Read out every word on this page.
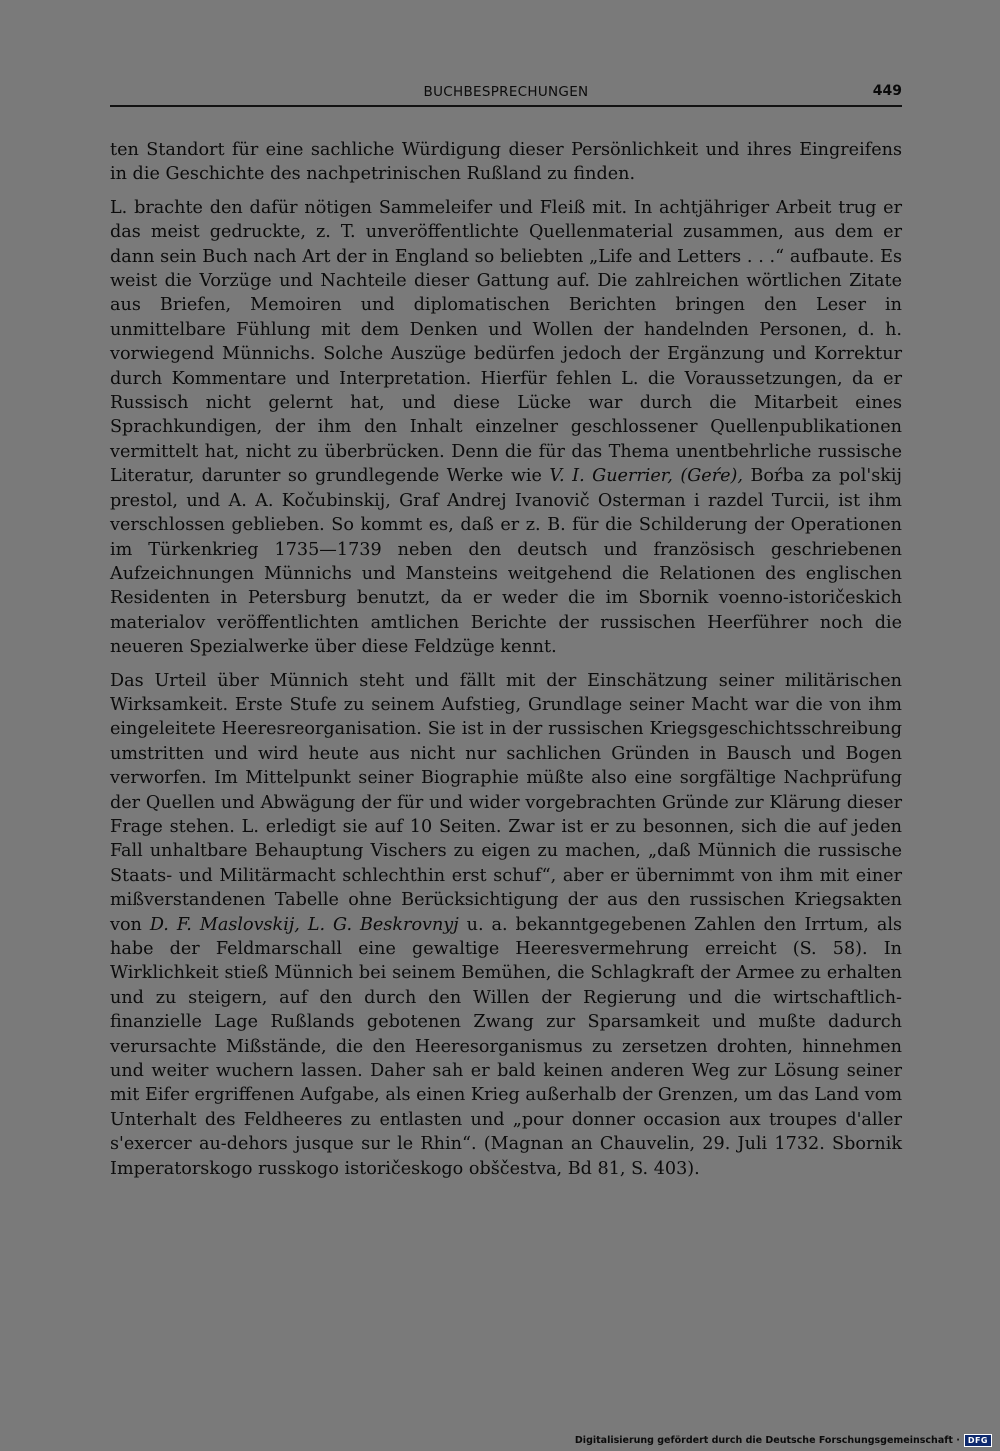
BUCHBESPRECHUNGEN	449

ten Standort für eine sachliche Würdigung dieser Persönlichkeit und ihres Eingreifens in die Geschichte des nachpetrinischen Rußland zu finden.

L. brachte den dafür nötigen Sammeleifer und Fleiß mit. In achtjähriger Arbeit trug er das meist gedruckte, z. T. unveröffentlichte Quellenmaterial zusammen, aus dem er dann sein Buch nach Art der in England so beliebten „Life and Letters . . .“ aufbaute. Es weist die Vorzüge und Nachteile dieser Gattung auf. Die zahlreichen wörtlichen Zitate aus Briefen, Memoiren und diplomatischen Berichten bringen den Leser in unmittelbare Fühlung mit dem Denken und Wollen der handelnden Personen, d. h. vorwiegend Münnichs. Solche Auszüge bedürfen jedoch der Ergänzung und Korrektur durch Kommentare und Interpretation. Hierfür fehlen L. die Voraussetzungen, da er Russisch nicht gelernt hat, und diese Lücke war durch die Mitarbeit eines Sprachkundigen, der ihm den Inhalt einzelner geschlossener Quellenpublikationen vermittelt hat, nicht zu überbrücken. Denn die für das Thema unentbehrliche russische Literatur, darunter so grundlegende Werke wie V. I. Guerrier, (Geŕe), Boŕba za pol'skij prestol, und A. A. Kočubinskij, Graf Andrej Ivanovič Osterman i razdel Turcii, ist ihm verschlossen geblieben. So kommt es, daß er z. B. für die Schilderung der Operationen im Türkenkrieg 1735—1739 neben den deutsch und französisch geschriebenen Aufzeichnungen Münnichs und Mansteins weitgehend die Relationen des englischen Residenten in Petersburg benutzt, da er weder die im Sbornik voenno-istoričeskich materialov veröffentlichten amtlichen Berichte der russischen Heerführer noch die neueren Spezialwerke über diese Feldzüge kennt.

Das Urteil über Münnich steht und fällt mit der Einschätzung seiner militärischen Wirksamkeit. Erste Stufe zu seinem Aufstieg, Grundlage seiner Macht war die von ihm eingeleitete Heeresreorganisation. Sie ist in der russischen Kriegsgeschichtsschreibung umstritten und wird heute aus nicht nur sachlichen Gründen in Bausch und Bogen verworfen. Im Mittelpunkt seiner Biographie müßte also eine sorgfältige Nachprüfung der Quellen und Abwägung der für und wider vorgebrachten Gründe zur Klärung dieser Frage stehen. L. erledigt sie auf 10 Seiten. Zwar ist er zu besonnen, sich die auf jeden Fall unhaltbare Behauptung Vischers zu eigen zu machen, „daß Münnich die russische Staats- und Militärmacht schlechthin erst schuf“, aber er übernimmt von ihm mit einer mißverstandenen Tabelle ohne Berücksichtigung der aus den russischen Kriegsakten von D. F. Maslovskij, L. G. Beskrovnyj u. a. bekanntgegebenen Zahlen den Irrtum, als habe der Feldmarschall eine gewaltige Heeresvermehrung erreicht (S. 58). In Wirklichkeit stieß Münnich bei seinem Bemühen, die Schlagkraft der Armee zu erhalten und zu steigern, auf den durch den Willen der Regierung und die wirtschaftlich-finanzielle Lage Rußlands gebotenen Zwang zur Sparsamkeit und mußte dadurch verursachte Mißstände, die den Heeresorganismus zu zersetzen drohten, hinnehmen und weiter wuchern lassen. Daher sah er bald keinen anderen Weg zur Lösung seiner mit Eifer ergriffenen Aufgabe, als einen Krieg außerhalb der Grenzen, um das Land vom Unterhalt des Feldheeres zu entlasten und „pour donner occasion aux troupes d'aller s'exercer au-dehors jusque sur le Rhin“. (Magnan an Chauvelin, 29. Juli 1732. Sbornik Imperatorskogo russkogo istoričeskogo obščestva, Bd 81, S. 403).

Digitalisierung gefördert durch die Deutsche Forschungsgemeinschaft ·	DFG
